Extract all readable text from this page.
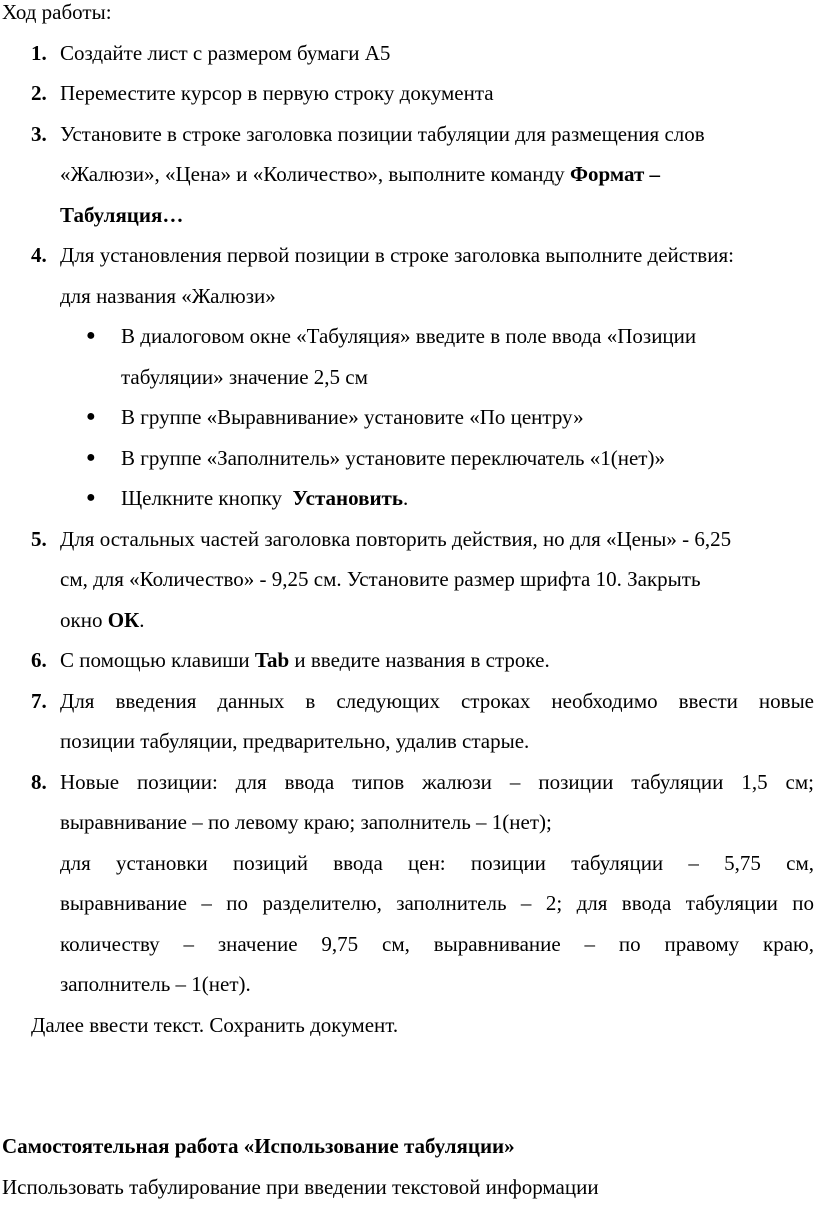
Ход работы:
1. Создайте лист с размером бумаги А5
2. Переместите курсор в первую строку документа
3. Установите в строке заголовка позиции табуляции для размещения слов
«Жалюзи», «Цена» и «Количество», выполните команду Формат –
Табуляция…
4. Для установления первой позиции в строке заголовка выполните действия:
для названия «Жалюзи»
● В диалоговом окне «Табуляция» введите в поле ввода «Позиции
табуляции» значение 2,5 см
● В группе «Выравнивание» установите «По центру»
● В группе «Заполнитель» установите переключатель «1(нет)»
● Щелкните кнопку  Установить.
5. Для остальных частей заголовка повторить действия, но для «Цены» - 6,25
см, для «Количество» - 9,25 см. Установите размер шрифта 10. Закрыть
окно ОК.
6. С помощью клавиши Tab и введите названия в строке.
7. Для введения данных в следующих строках необходимо ввести новые
позиции табуляции, предварительно, удалив старые.
8. Новые позиции: для ввода типов жалюзи – позиции табуляции 1,5 см;
выравнивание – по левому краю; заполнитель – 1(нет);
для установки позиций ввода цен: позиции табуляции – 5,75 см,
выравнивание – по разделителю, заполнитель – 2; для ввода табуляции по
количеству – значение 9,75 см, выравнивание – по правому краю,
заполнитель – 1(нет).
Далее ввести текст. Сохранить документ.
Самостоятельная работа «Использование табуляции»
Использовать табулирование при введении текстовой информации
